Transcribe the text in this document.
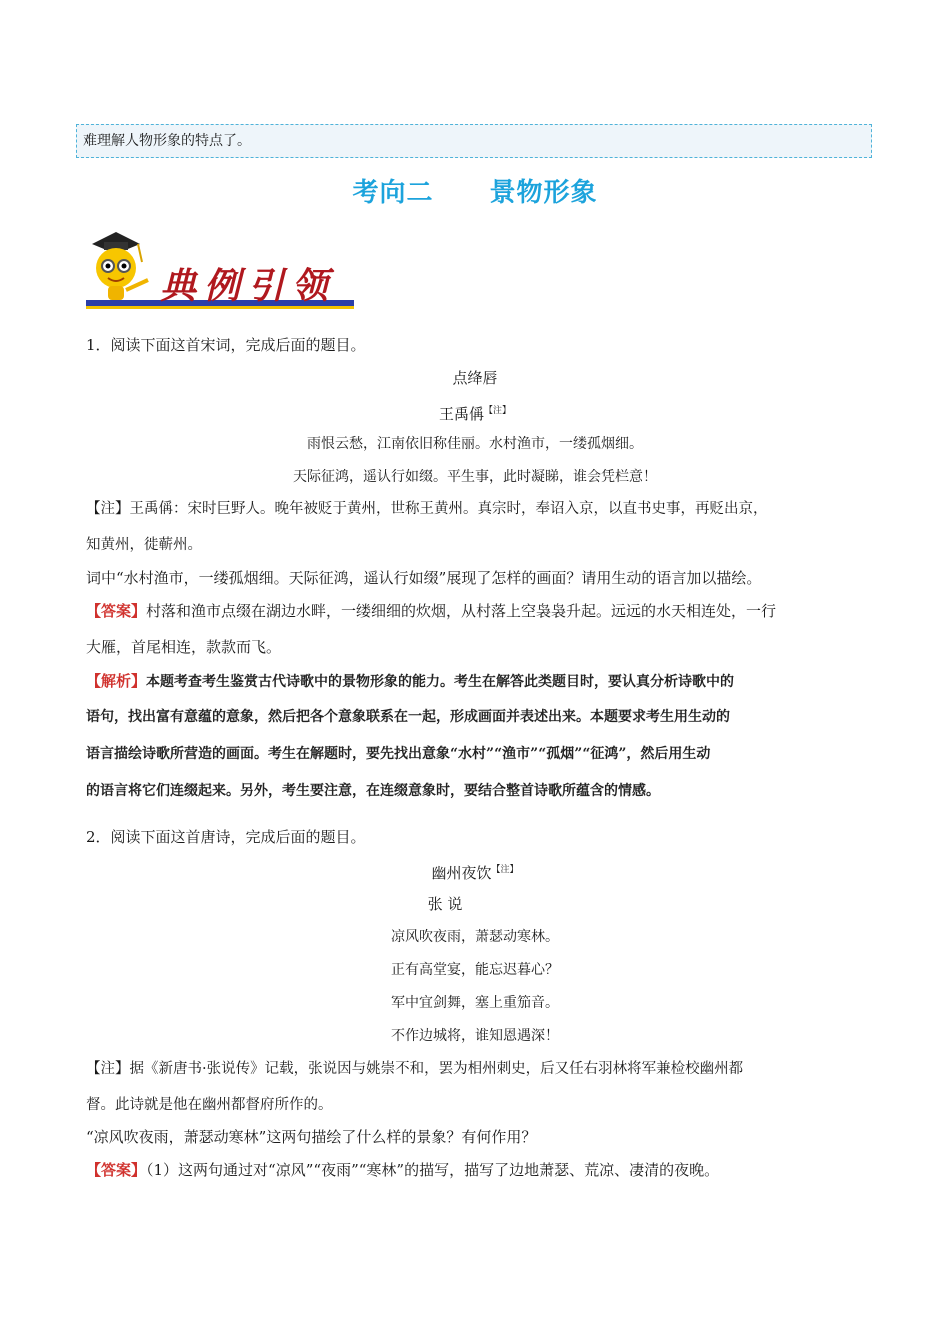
难理解人物形象的特点了。
考向二 景物形象
典例引领
1．阅读下面这首宋词，完成后面的题目。
点绛唇
王禹偁$^{【注】}$
雨恨云愁，江南依旧称佳丽。水村渔市，一缕孤烟细。
天际征鸿，遥认行如缀。平生事，此时凝睇，谁会凭栏意！
【注】王禹偁：宋时巨野人。晚年被贬于黄州，世称王黄州。真宗时，奉诏入京，以直书史事，再贬出京，
知黄州，徙蕲州。
词中“水村渔市，一缕孤烟细。天际征鸿，遥认行如缀”展现了怎样的画面？请用生动的语言加以描绘。
【答案】村落和渔市点缀在湖边水畔，一缕细细的炊烟，从村落上空袅袅升起。远远的水天相连处，一行
大雁，首尾相连，款款而飞。
【解析】本题考查考生鉴赏古代诗歌中的景物形象的能力。考生在解答此类题目时，要认真分析诗歌中的
语句，找出富有意蕴的意象，然后把各个意象联系在一起，形成画面并表述出来。本题要求考生用生动的
语言描绘诗歌所营造的画面。考生在解题时，要先找出意象“水村”“渔市”“孤烟”“征鸿”，然后用生动
的语言将它们连缀起来。另外，考生要注意，在连缀意象时，要结合整首诗歌所蕴含的情感。
2．阅读下面这首唐诗，完成后面的题目。
幽州夜饮$^{【注】}$
张 说
凉风吹夜雨，萧瑟动寒林。
正有高堂宴，能忘迟暮心？
军中宜剑舞，塞上重笳音。
不作边城将，谁知恩遇深！
【注】据《新唐书·张说传》记载，张说因与姚崇不和，罢为相州刺史，后又任右羽林将军兼检校幽州都
督。此诗就是他在幽州都督府所作的。
“凉风吹夜雨，萧瑟动寒林”这两句描绘了什么样的景象？有何作用？
【答案】（1）这两句通过对“凉风”“夜雨”“寒林”的描写，描写了边地萧瑟、荒凉、凄清的夜晚。
